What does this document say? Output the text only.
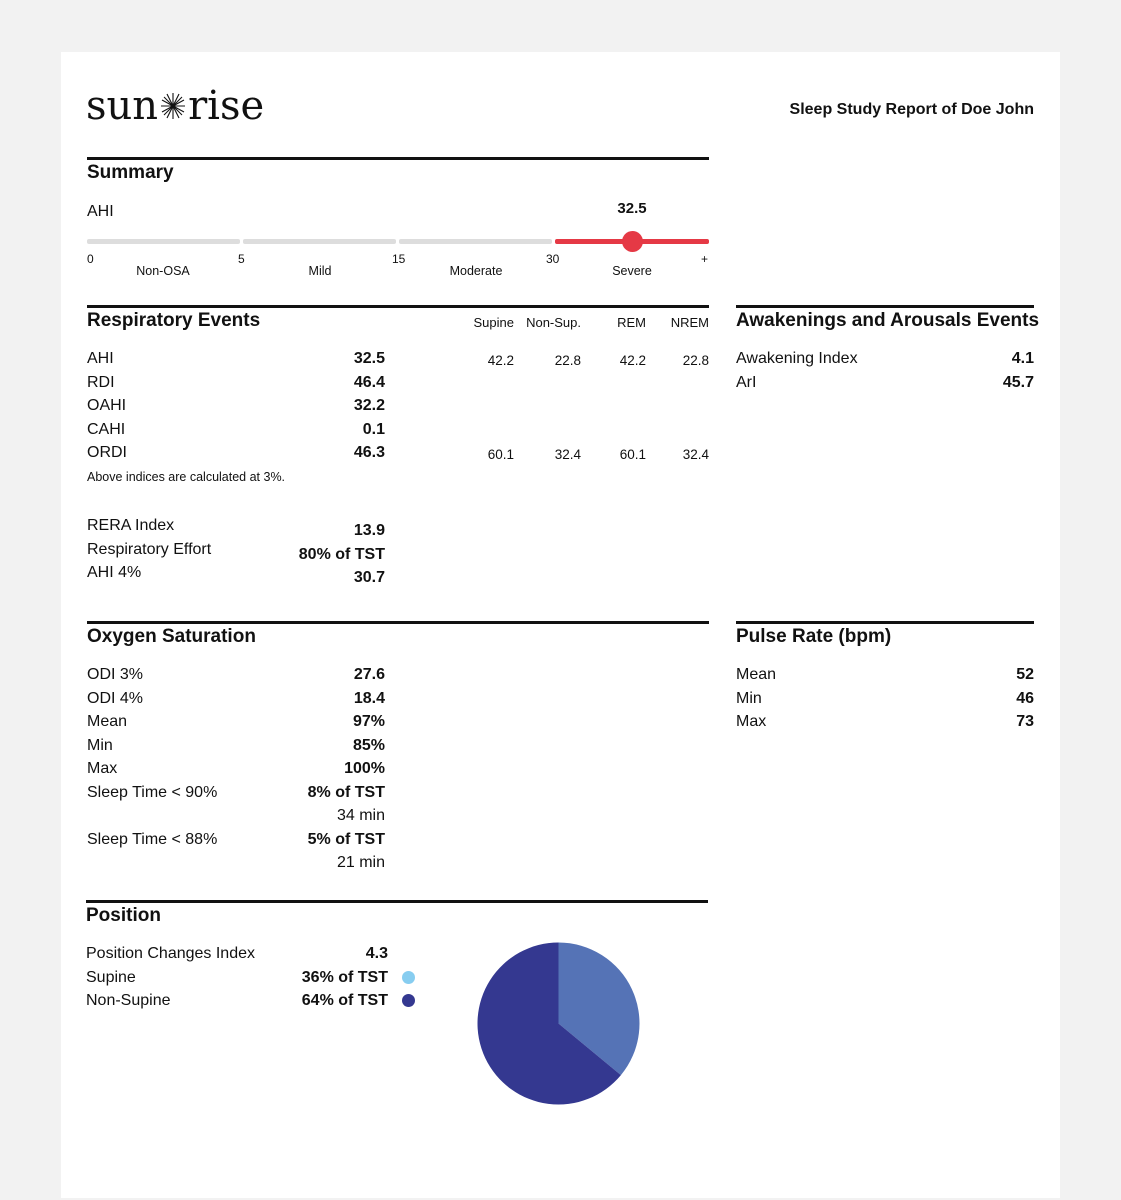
sun rise	Sleep Study Report of Doe John
Summary
AHI	32.5
0	5	15	30	+
Non-OSA	Mild	Moderate	Severe
Respiratory Events	Supine Non-Sup.	REM	NREM
AHI	32.5	42.2	22.8	42.2	22.8
RDI	46.4
OAHI	32.2
CAHI	0.1
ORDI	46.3	60.1	32.4	60.1	32.4
Above indices are calculated at 3%.
RERA Index	13.9
Respiratory Effort	80% of TST
AHI 4%	30.7
Awakenings and Arousals Events
Awakening Index	4.1
ArI	45.7
Oxygen Saturation
ODI 3%	27.6
ODI 4%	18.4
Mean	97%
Min	85%
Max	100%
Sleep Time < 90%	8% of TST
34 min
Sleep Time < 88%	5% of TST
21 min
Pulse Rate (bpm)
Mean	52
Min	46
Max	73
Position
Position Changes Index	4.3
Supine	36% of TST
Non-Supine	64% of TST
